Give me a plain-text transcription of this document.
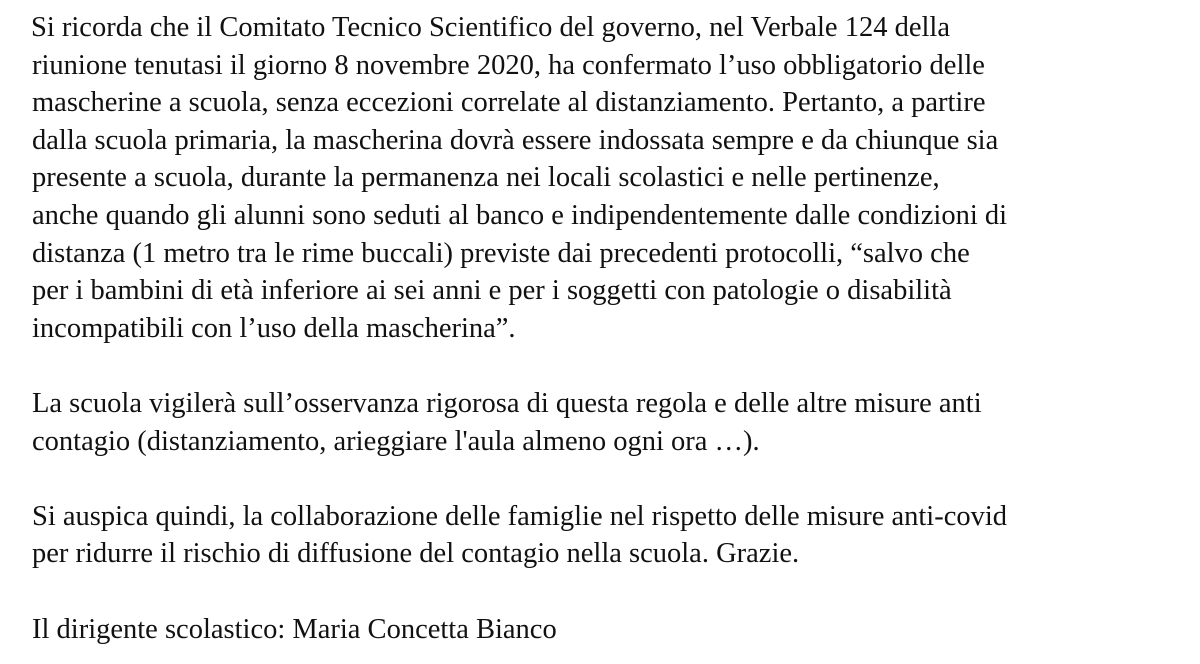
Si ricorda che il Comitato Tecnico Scientifico del governo, nel Verbale 124 della
riunione tenutasi il giorno 8 novembre 2020, ha confermato l’uso obbligatorio delle
mascherine a scuola, senza eccezioni correlate al distanziamento. Pertanto, a partire
dalla scuola primaria, la mascherina dovrà essere indossata sempre e da chiunque sia
presente a scuola, durante la permanenza nei locali scolastici e nelle pertinenze,
anche quando gli alunni sono seduti al banco e indipendentemente dalle condizioni di
distanza (1 metro tra le rime buccali) previste dai precedenti protocolli, “salvo che
per i bambini di età inferiore ai sei anni e per i soggetti con patologie o disabilità
incompatibili con l’uso della mascherina”.
La scuola vigilerà sull’osservanza rigorosa di questa regola e delle altre misure anti
contagio (distanziamento, arieggiare l'aula almeno ogni ora …).
Si auspica quindi, la collaborazione delle famiglie nel rispetto delle misure anti-covid
per ridurre il rischio di diffusione del contagio nella scuola. Grazie.
Il dirigente scolastico: Maria Concetta Bianco
